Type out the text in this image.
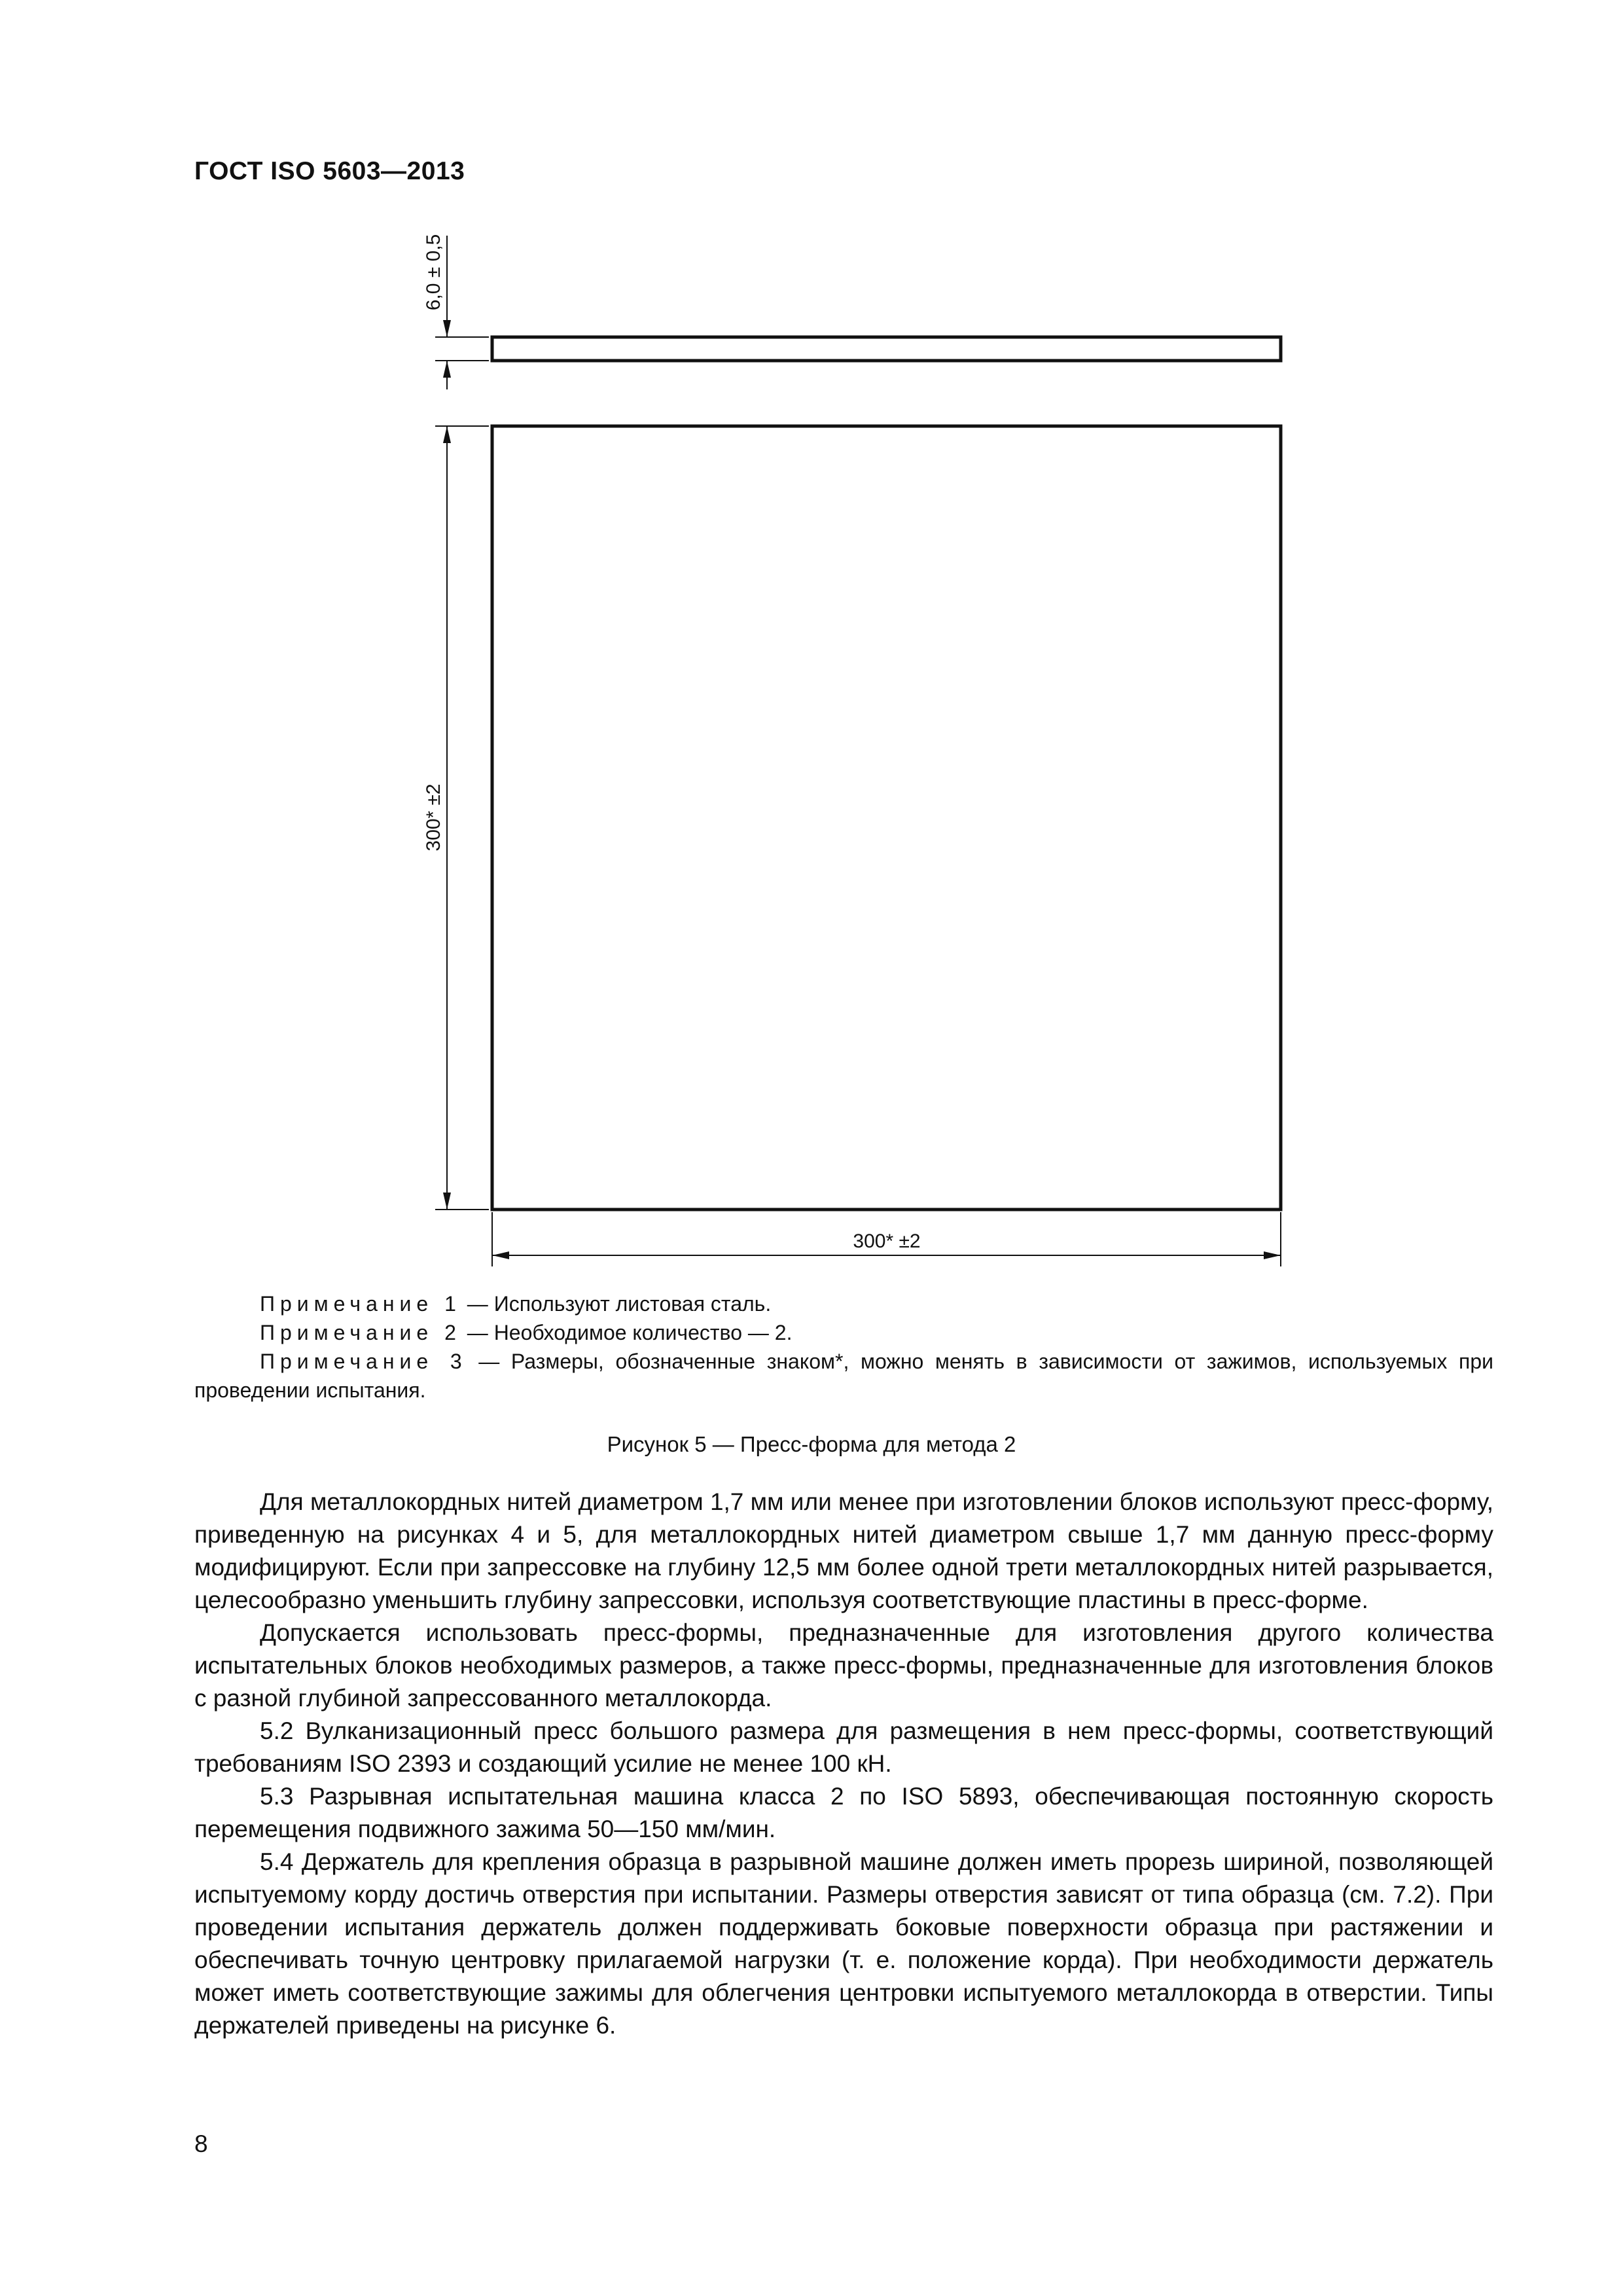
ГОСТ ISO 5603—2013
6,0 ± 0,5
300* ±2
300* ±2
Примечание 1 — Используют листовая сталь.
Примечание 2 — Необходимое количество — 2.
Примечание 3 — Размеры, обозначенные знаком*, можно менять в зависимости от зажимов, используемых при проведении испытания.
Рисунок 5 — Пресс-форма для метода 2

Для металлокордных нитей диаметром 1,7 мм или менее при изготовлении блоков используют пресс-форму, приведенную на рисунках 4 и 5, для металлокордных нитей диаметром свыше 1,7 мм данную пресс-форму модифицируют. Если при запрессовке на глубину 12,5 мм более одной трети металлокордных нитей разрывается, целесообразно уменьшить глубину запрессовки, используя соответствующие пластины в пресс-форме.

Допускается использовать пресс-формы, предназначенные для изготовления другого количества испытательных блоков необходимых размеров, а также пресс-формы, предназначенные для изготовления блоков с разной глубиной запрессованного металлокорда.

5.2 Вулканизационный пресс большого размера для размещения в нем пресс-формы, соответствующий требованиям ISO 2393 и создающий усилие не менее 100 кН.

5.3 Разрывная испытательная машина класса 2 по ISO 5893, обеспечивающая постоянную скорость перемещения подвижного зажима 50—150 мм/мин.

5.4 Держатель для крепления образца в разрывной машине должен иметь прорезь шириной, позволяющей испытуемому корду достичь отверстия при испытании. Размеры отверстия зависят от типа образца (см. 7.2). При проведении испытания держатель должен поддерживать боковые поверхности образца при растяжении и обеспечивать точную центровку прилагаемой нагрузки (т. е. положение корда). При необходимости держатель может иметь соответствующие зажимы для облегчения центровки испытуемого металлокорда в отверстии. Типы держателей приведены на рисунке 6.

8
